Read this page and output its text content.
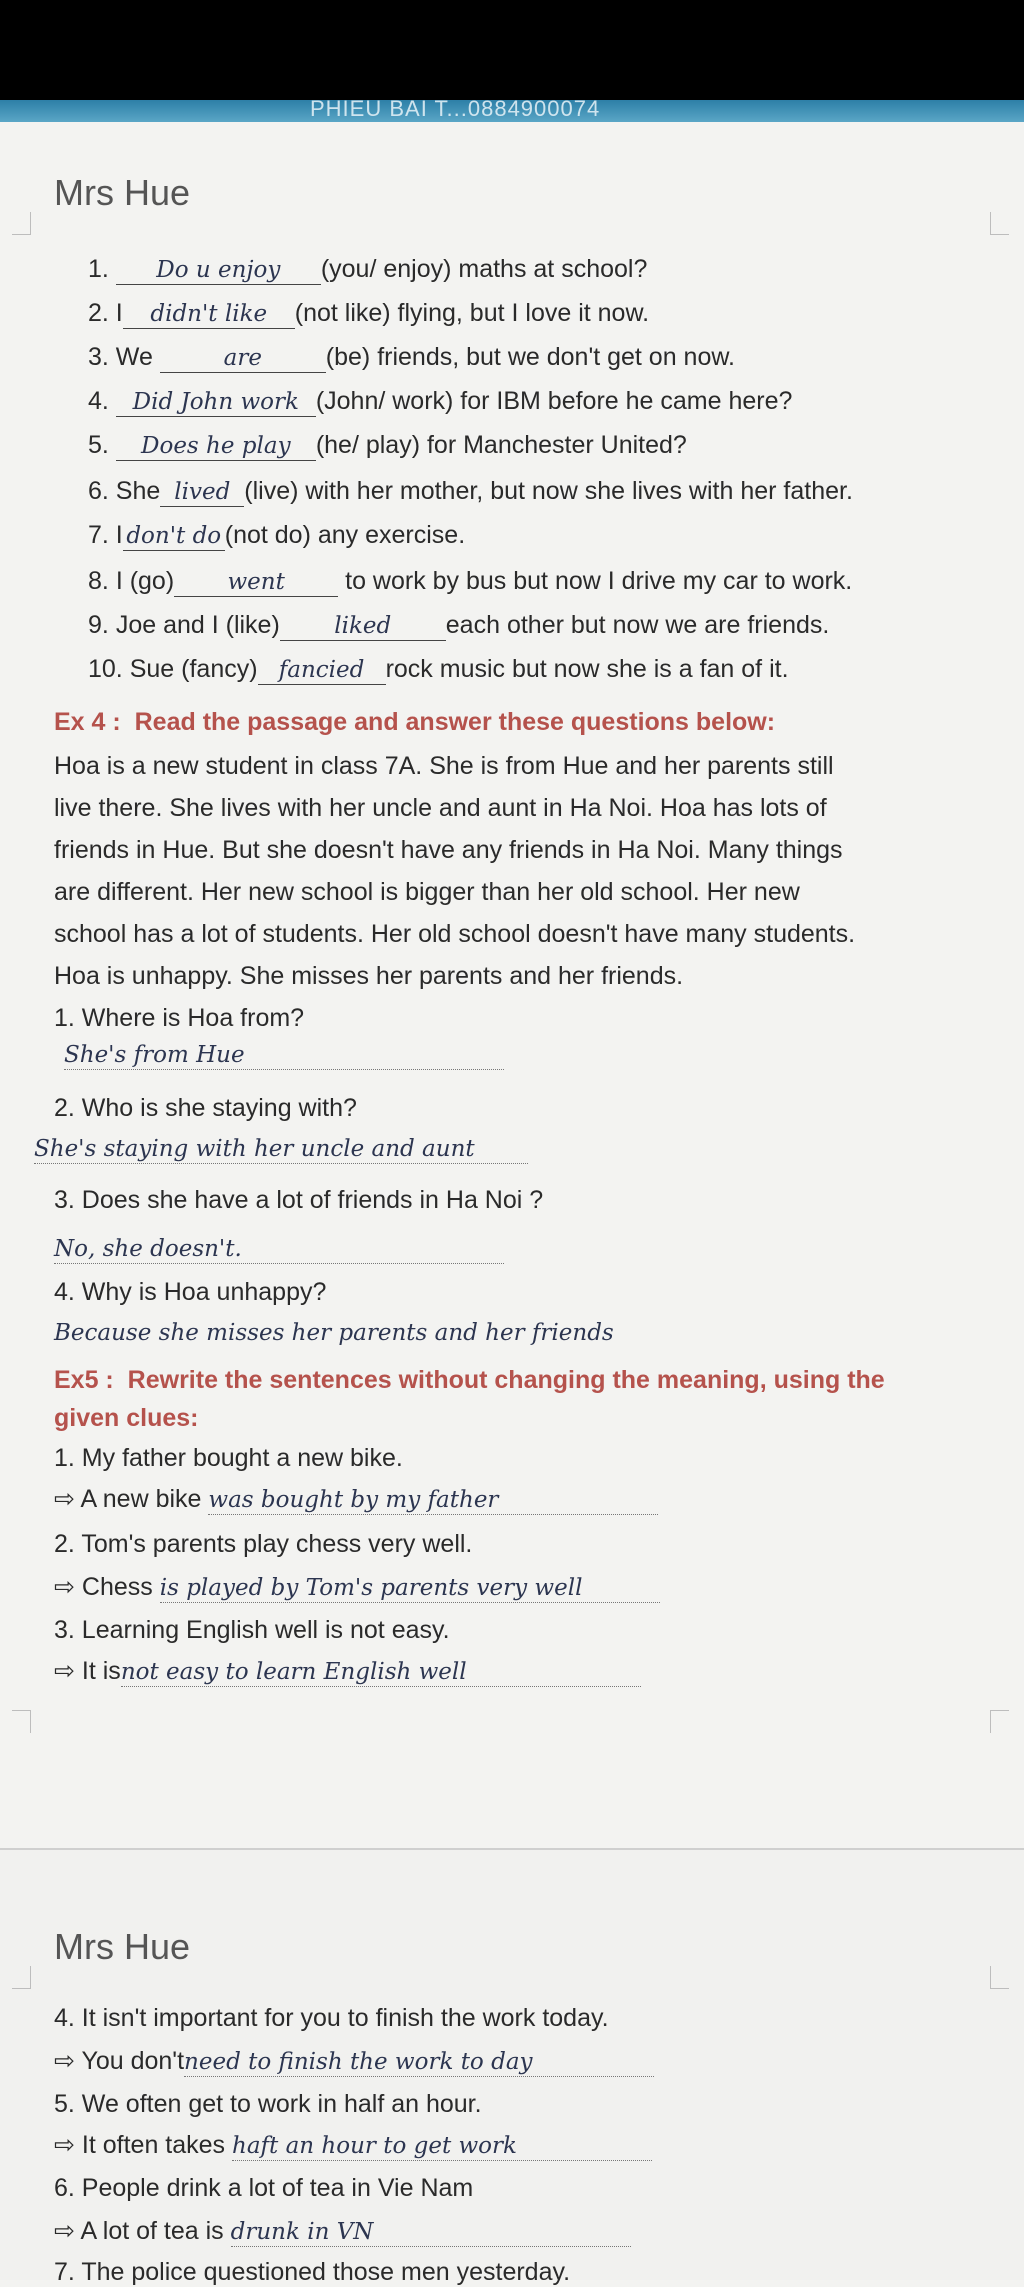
PHIEU BAI T...0884900074
Mrs Hue
1. Do u enjoy (you/ enjoy) maths at school?
2. I didn't like (not like) flying, but I love it now.
3. We	are	(be) friends, but we don't get on now.
4. Did John work (John/ work) for IBM before he came here?
5. Does he play (he/ play) for Manchester United?
6. She lived (live) with her mother, but now she lives with her father.
7. I don't do (not do) any exercise.
8. I (go) went to work by bus but now I drive my car to work.
9. Joe and I (like) liked each other but now we are friends.
10. Sue (fancy) fancied rock music but now she is a fan of it.
Ex 4 : Read the passage and answer these questions below:
Hoa is a new student in class 7A. She is from Hue and her parents still
live there. She lives with her uncle and aunt in Ha Noi. Hoa has lots of
friends in Hue. But she doesn't have any friends in Ha Noi. Many things
are different. Her new school is bigger than her old school. Her new
school has a lot of students. Her old school doesn't have many students.
Hoa is unhappy. She misses her parents and her friends.
1. Where is Hoa from?
She's from Hue
2. Who is she staying with?
She's staying with her uncle and aunt
3. Does she have a lot of friends in Ha Noi ?
No, she doesn't.
4. Why is Hoa unhappy?
Because she misses her parents and her friends
Ex5 : Rewrite the sentences without changing the meaning, using the
given clues:
1. My father bought a new bike.
⇨ A new bike was bought by my father
2. Tom's parents play chess very well.
⇨ Chess is played by Tom's parents very well
3. Learning English well is not easy.
⇨ It isnot easy to learn English well
Mrs Hue
4. It isn't important for you to finish the work today.
⇨ You don'tneed to finish the work to day
5. We often get to work in half an hour.
⇨ It often takes haft an hour to get work
6. People drink a lot of tea in Vie Nam
⇨ A lot of tea is drunk in VN
7. The police questioned those men yesterday.
